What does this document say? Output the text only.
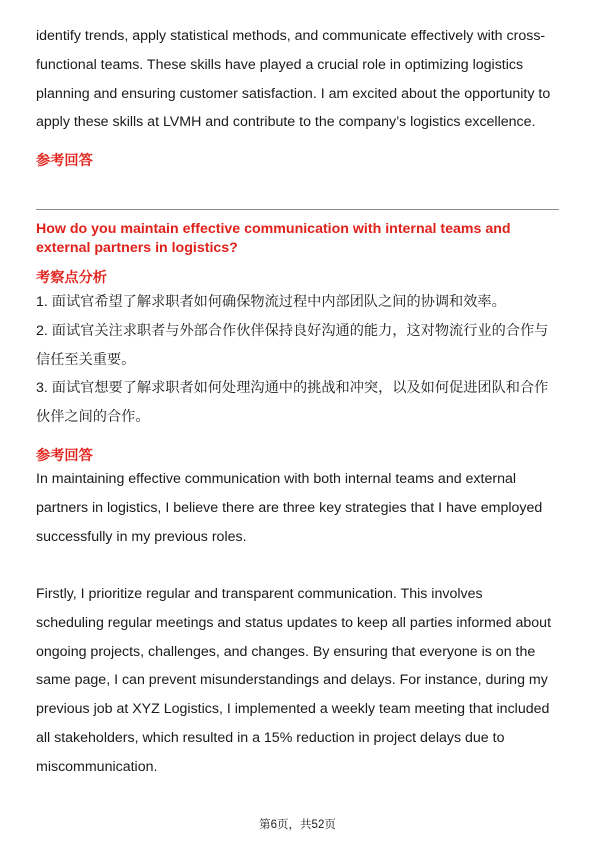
identify trends, apply statistical methods, and communicate effectively with cross-
functional teams. These skills have played a crucial role in optimizing logistics
planning and ensuring customer satisfaction. I am excited about the opportunity to
apply these skills at LVMH and contribute to the company’s logistics excellence.
参考回答
How do you maintain effective communication with internal teams and
external partners in logistics?
考察点分析
1. 面试官希望了解求职者如何确保物流过程中内部团队之间的协调和效率。
2. 面试官关注求职者与外部合作伙伴保持良好沟通的能力，这对物流行业的合作与
信任至关重要。
3. 面试官想要了解求职者如何处理沟通中的挑战和冲突，以及如何促进团队和合作
伙伴之间的合作。
参考回答
In maintaining effective communication with both internal teams and external
partners in logistics, I believe there are three key strategies that I have employed
successfully in my previous roles.
Firstly, I prioritize regular and transparent communication. This involves
scheduling regular meetings and status updates to keep all parties informed about
ongoing projects, challenges, and changes. By ensuring that everyone is on the
same page, I can prevent misunderstandings and delays. For instance, during my
previous job at XYZ Logistics, I implemented a weekly team meeting that included
all stakeholders, which resulted in a 15% reduction in project delays due to
miscommunication.
第6页，共52页
